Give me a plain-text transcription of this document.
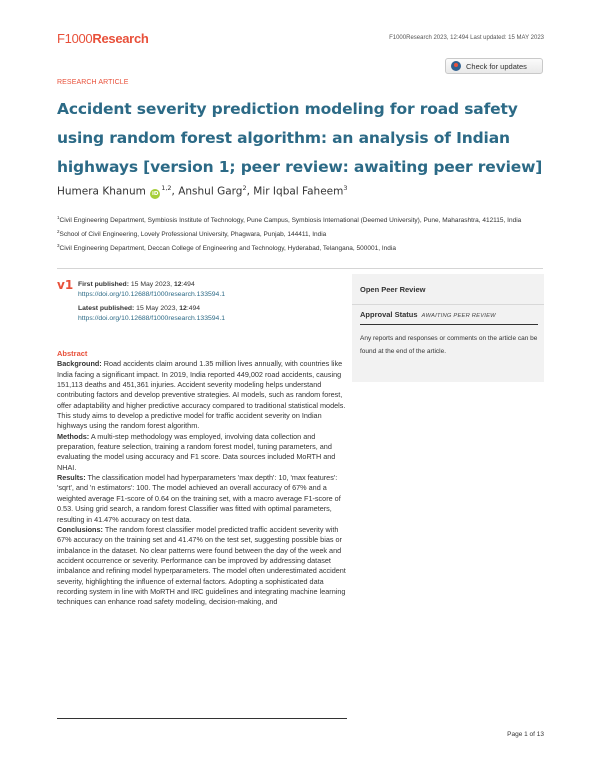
F1000Research	F1000Research 2023, 12:494 Last updated: 15 MAY 2023
RESEARCH ARTICLE
Check for updates
Accident severity prediction modeling for road safety using random forest algorithm: an analysis of Indian highways [version 1; peer review: awaiting peer review]
Humera Khanum iD$^{1,2}$, Anshul Garg$^2$, Mir Iqbal Faheem$^3$
$^1$Civil Engineering Department, Symbiosis Institute of Technology, Pune Campus, Symbiosis International (Deemed University), Pune, Maharashtra, 412115, India
$^2$School of Civil Engineering, Lovely Professional University, Phagwara, Punjab, 144411, India
$^3$Civil Engineering Department, Deccan College of Engineering and Technology, Hyderabad, Telangana, 500001, India
v1 First published: 15 May 2023, 12:494
https://doi.org/10.12688/f1000research.133594.1
Latest published: 15 May 2023, 12:494
https://doi.org/10.12688/f1000research.133594.1
Open Peer Review
Approval Status AWAITING PEER REVIEW
Any reports and responses or comments on the article can be found at the end of the article.
Abstract

Background: Road accidents claim around 1.35 million lives annually, with countries like India facing a significant impact. In 2019, India reported 449,002 road accidents, causing 151,113 deaths and 451,361 injuries. Accident severity modeling helps understand contributing factors and develop preventive strategies. AI models, such as random forest, offer adaptability and higher predictive accuracy compared to traditional statistical models. This study aims to develop a predictive model for traffic accident severity on Indian highways using the random forest algorithm.

Methods: A multi-step methodology was employed, involving data collection and preparation, feature selection, training a random forest model, tuning parameters, and evaluating the model using accuracy and F1 score. Data sources included MoRTH and NHAI.

Results: The classification model had hyperparameters 'max depth': 10, 'max features': 'sqrt', and 'n estimators': 100. The model achieved an overall accuracy of 67% and a weighted average F1-score of 0.64 on the training set, with a macro average F1-score of 0.53. Using grid search, a random forest Classifier was fitted with optimal parameters, resulting in 41.47% accuracy on test data.

Conclusions: The random forest classifier model predicted traffic accident severity with 67% accuracy on the training set and 41.47% on the test set, suggesting possible bias or imbalance in the dataset. No clear patterns were found between the day of the week and accident occurrence or severity. Performance can be improved by addressing dataset imbalance and refining model hyperparameters. The model often underestimated accident severity, highlighting the influence of external factors. Adopting a sophisticated data recording system in line with MoRTH and IRC guidelines and integrating machine learning techniques can enhance road safety modeling, decision-making, and

Page 1 of 13
